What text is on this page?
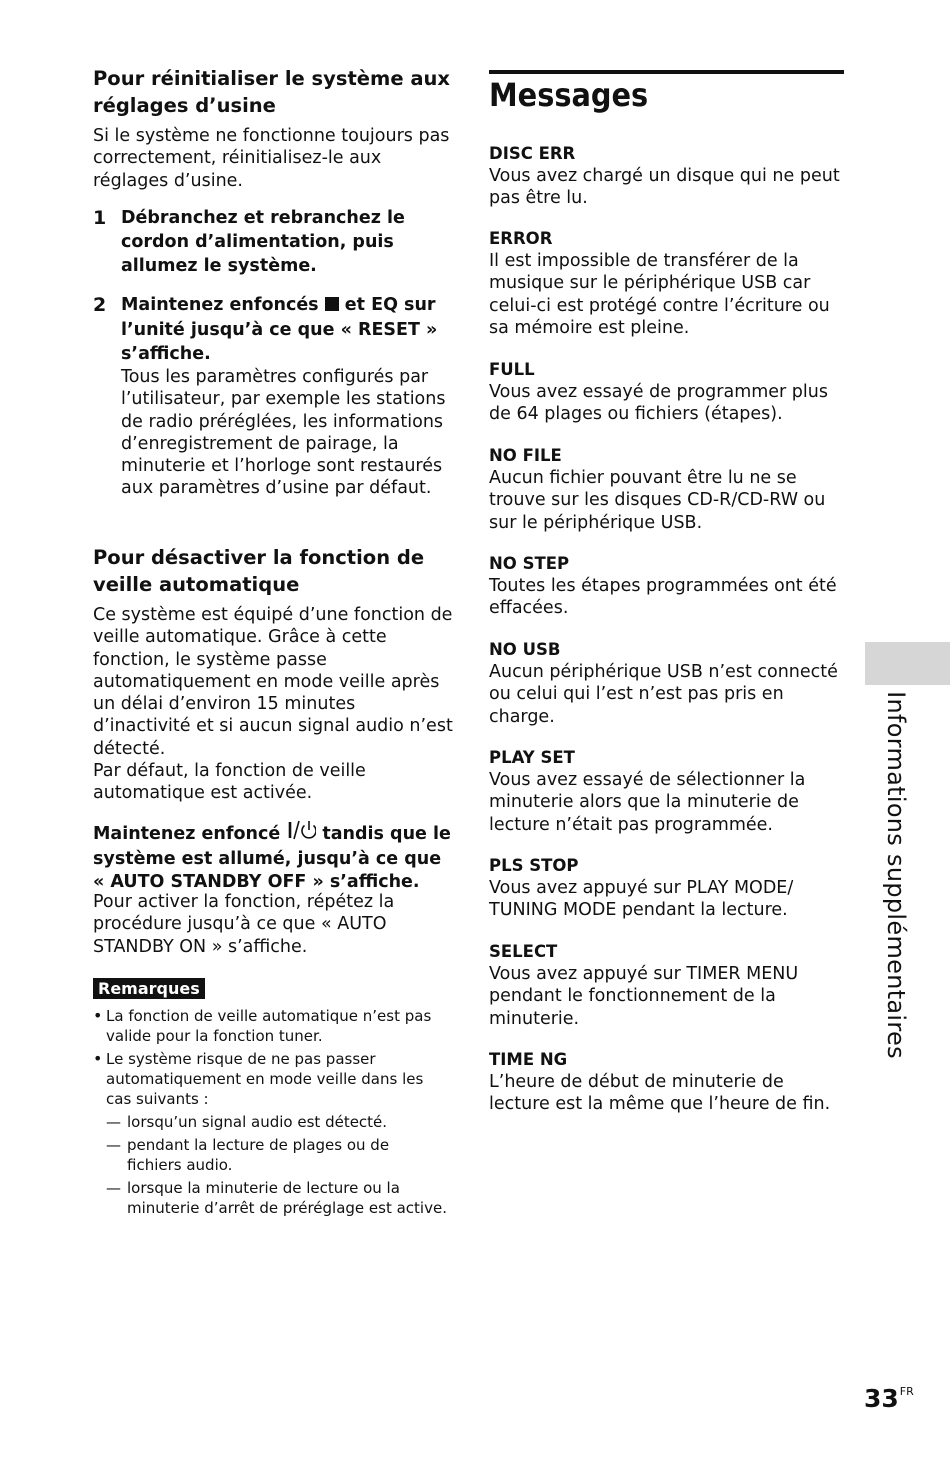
Pour réinitialiser le système aux réglages d’usine

Si le système ne fonctionne toujours pas correctement, réinitialisez-le aux réglages d’usine.

1 Débranchez et rebranchez le cordon d’alimentation, puis allumez le système.

2 Maintenez enfoncés et EQ sur l’unité jusqu’à ce que « RESET » s’affiche.

Tous les paramètres configurés par l’utilisateur, par exemple les stations de radio préréglées, les informations d’enregistrement de pairage, la minuterie et l’horloge sont restaurés aux paramètres d’usine par défaut.

Pour désactiver la fonction de veille automatique

Ce système est équipé d’une fonction de veille automatique. Grâce à cette fonction, le système passe automatiquement en mode veille après un délai d’environ 15 minutes d’inactivité et si aucun signal audio n’est détecté.

Par défaut, la fonction de veille automatique est activée.

Maintenez enfoncé tandis que le système est allumé, jusqu’à ce que « AUTO STANDBY OFF » s’affiche.

Pour activer la fonction, répétez la procédure jusqu’à ce que « AUTO STANDBY ON » s’affiche.

Remarques
• La fonction de veille automatique n’est pas valide pour la fonction tuner.
• Le système risque de ne pas passer automatiquement en mode veille dans les cas suivants :
— lorsqu’un signal audio est détecté.
— pendant la lecture de plages ou de fichiers audio.
— lorsque la minuterie de lecture ou la minuterie d’arrêt de préréglage est active.
Messages
DISC ERR
Vous avez chargé un disque qui ne peut pas être lu.
ERROR
Il est impossible de transférer de la musique sur le périphérique USB car celui-ci est protégé contre l’écriture ou sa mémoire est pleine.
FULL
Vous avez essayé de programmer plus de 64 plages ou fichiers (étapes).
NO FILE
Aucun fichier pouvant être lu ne se trouve sur les disques CD-R/CD-RW ou sur le périphérique USB.
NO STEP
Toutes les étapes programmées ont été effacées.
NO USB
Aucun périphérique USB n’est connecté ou celui qui l’est n’est pas pris en charge.
PLAY SET
Vous avez essayé de sélectionner la minuterie alors que la minuterie de lecture n’était pas programmée.
PLS STOP
Vous avez appuyé sur PLAY MODE/ TUNING MODE pendant la lecture.
SELECT
Vous avez appuyé sur TIMER MENU pendant le fonctionnement de la minuterie.
TIME NG
L’heure de début de minuterie de lecture est la même que l’heure de fin.
Informations supplémentaires
$33^{FR}$
